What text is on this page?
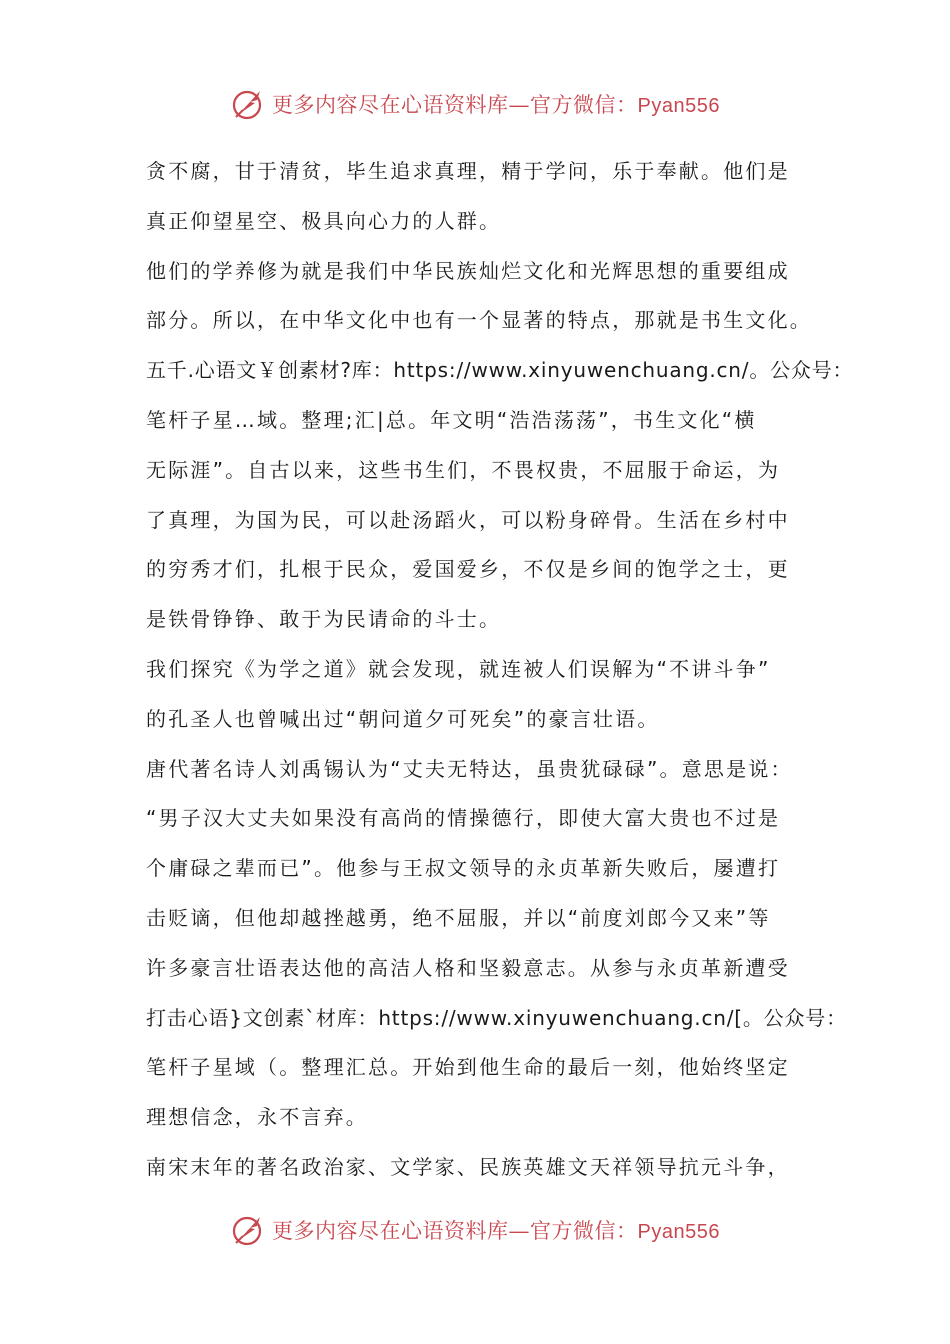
更多内容尽在心语资料库—官方微信：Pyan556
贪不腐，甘于清贫，毕生追求真理，精于学问，乐于奉献。他们是
真正仰望星空、极具向心力的人群。
他们的学养修为就是我们中华民族灿烂文化和光辉思想的重要组成
部分。所以，在中华文化中也有一个显著的特点，那就是书生文化。
五千.心语文￥创素材?库：https://www.xinyuwenchuang.cn/。公众号：
笔杆子星…域。整理;汇|总。年文明“浩浩荡荡”，书生文化“横
无际涯”。自古以来，这些书生们，不畏权贵，不屈服于命运，为
了真理，为国为民，可以赴汤蹈火，可以粉身碎骨。生活在乡村中
的穷秀才们，扎根于民众，爱国爱乡，不仅是乡间的饱学之士，更
是铁骨铮铮、敢于为民请命的斗士。
我们探究《为学之道》就会发现，就连被人们误解为“不讲斗争”
的孔圣人也曾喊出过“朝问道夕可死矣”的豪言壮语。
唐代著名诗人刘禹锡认为“丈夫无特达，虽贵犹碌碌”。意思是说：
“男子汉大丈夫如果没有高尚的情操德行，即使大富大贵也不过是
个庸碌之辈而已”。他参与王叔文领导的永贞革新失败后，屡遭打
击贬谪，但他却越挫越勇，绝不屈服，并以“前度刘郎今又来”等
许多豪言壮语表达他的高洁人格和坚毅意志。从参与永贞革新遭受
打击心语}文创素`材库：https://www.xinyuwenchuang.cn/[。公众号：
笔杆子星域（。整理汇总。开始到他生命的最后一刻，他始终坚定
理想信念，永不言弃。
南宋末年的著名政治家、文学家、民族英雄文天祥领导抗元斗争，
更多内容尽在心语资料库—官方微信：Pyan556
